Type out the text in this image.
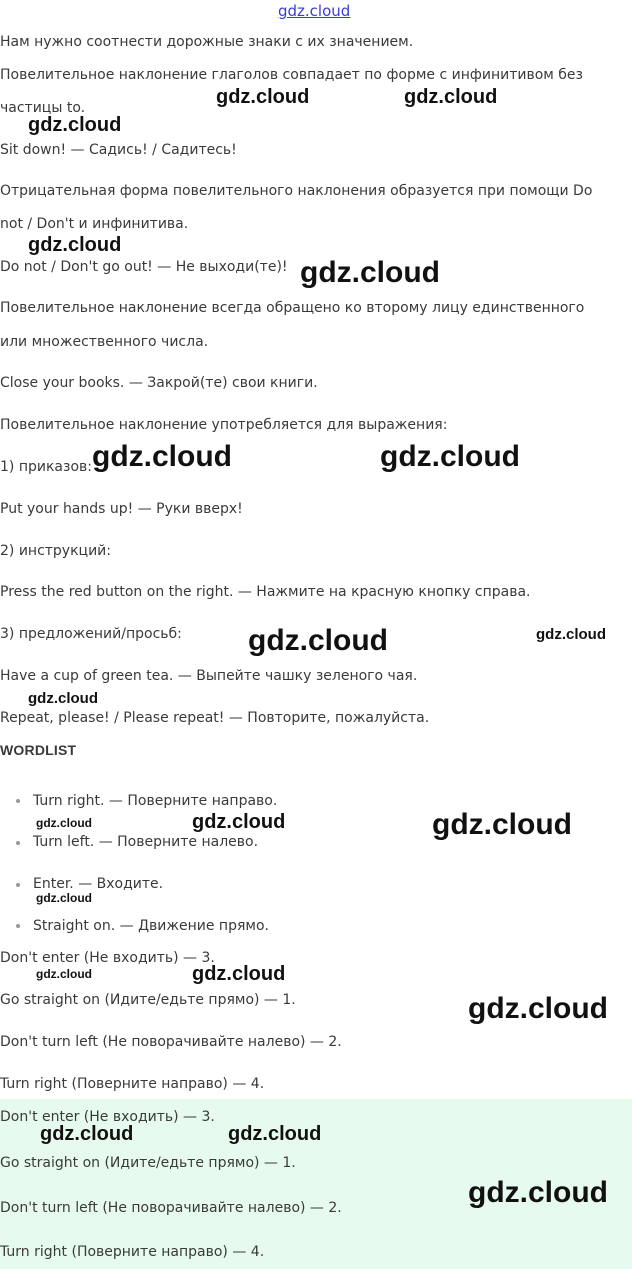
gdz.cloud

Нам нужно соотнести дорожные знаки с их значением.

Повелительное наклонение глаголов совпадает по форме с инфинитивом без

частицы to.

Sit down! — Садись! / Садитесь!

Отрицательная форма повелительного наклонения образуется при помощи Do

not / Don't и инфинитива.

Do not / Don't go out! — Не выходи(те)!

Повелительное наклонение всегда обращено ко второму лицу единственного

или множественного числа.

Close your books. — Закрой(те) свои книги.

Повелительное наклонение употребляется для выражения:

1) приказов:

Put your hands up! — Руки вверх!

2) инструкций:

Press the red button on the right. — Нажмите на красную кнопку справа.

3) предложений/просьб:

Have a cup of green tea. — Выпейте чашку зеленого чая.

Repeat, please! / Please repeat! — Повторите, пожалуйста.

WORDLIST

Turn right. — Поверните направо.

Turn left. — Поверните налево.

Enter. — Входите.

Straight on. — Движение прямо.

Don't enter (Не входить) — 3.

Go straight on (Идите/едьте прямо) — 1.

Don't turn left (Не поворачивайте налево) — 2.

Turn right (Поверните направо) — 4.

Don't enter (Не входить) — 3.

Go straight on (Идите/едьте прямо) — 1.

Don't turn left (Не поворачивайте налево) — 2.

Turn right (Поверните направо) — 4.

gdz.cloud	gdz.cloud
gdz.cloud
gdz.cloud
gdz.cloud
gdz.cloud	gdz.cloud
gdz.cloud	gdz.cloud
gdz.cloud
gdz.cloud	gdz.cloud	gdz.cloud
gdz.cloud
gdz.cloud	gdz.cloud
gdz.cloud
gdz.cloud	gdz.cloud
gdz.cloud
